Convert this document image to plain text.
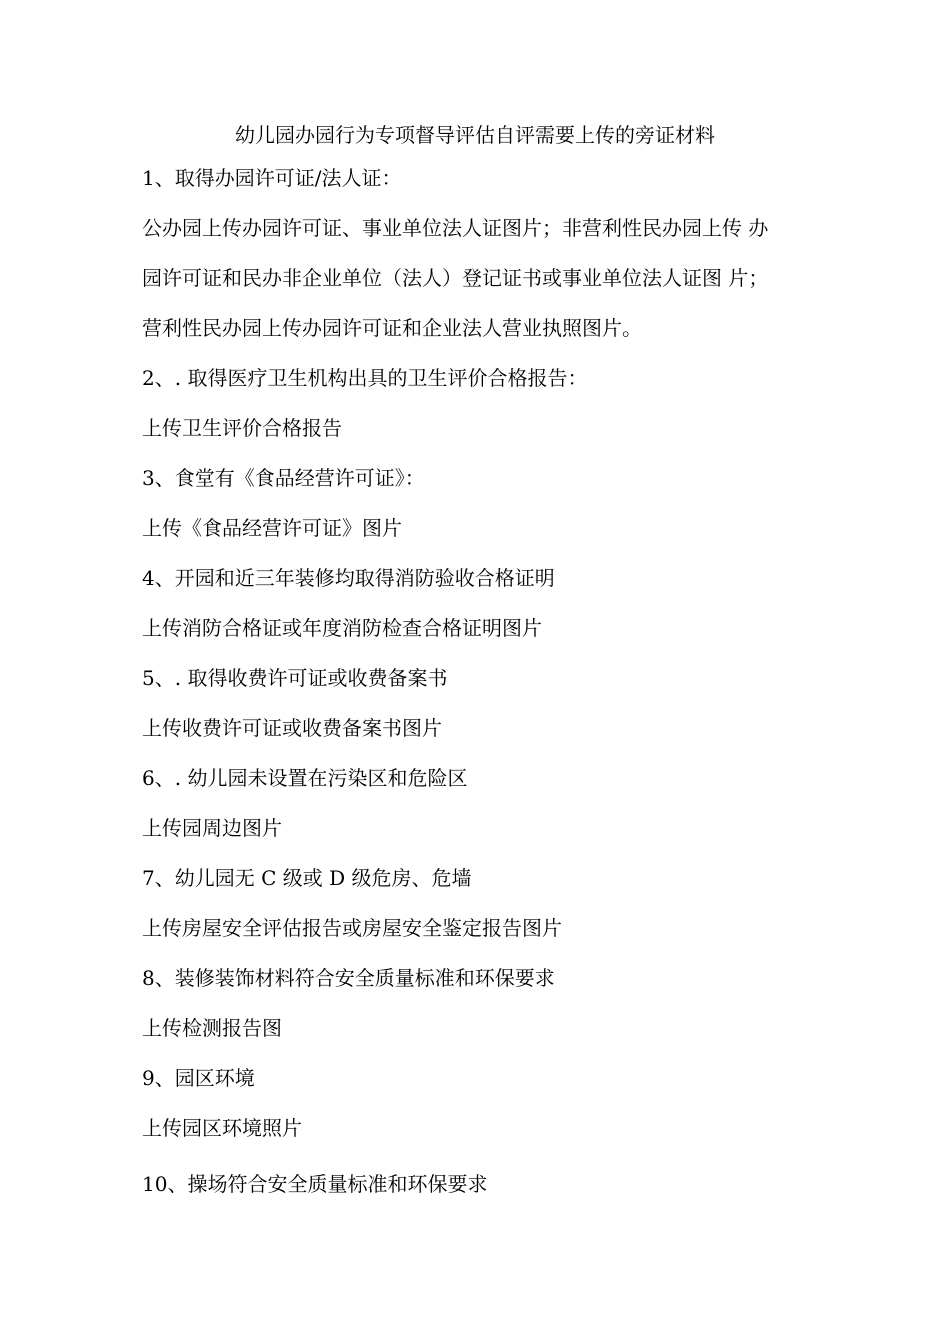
幼儿园办园行为专项督导评估自评需要上传的旁证材料
1、取得办园许可证/法人证：
公办园上传办园许可证、事业单位法人证图片；非营利性民办园上传 办
园许可证和民办非企业单位（法人）登记证书或事业单位法人证图 片；
营利性民办园上传办园许可证和企业法人营业执照图片。
2、. 取得医疗卫生机构出具的卫生评价合格报告：
上传卫生评价合格报告
3、食堂有《食品经营许可证》：
上传《食品经营许可证》图片
4、开园和近三年装修均取得消防验收合格证明
上传消防合格证或年度消防检查合格证明图片
5、. 取得收费许可证或收费备案书
上传收费许可证或收费备案书图片
6、. 幼儿园未设置在污染区和危险区
上传园周边图片
7、幼儿园无 C 级或 D 级危房、危墙
上传房屋安全评估报告或房屋安全鉴定报告图片
8、装修装饰材料符合安全质量标准和环保要求
上传检测报告图
9、园区环境
上传园区环境照片
10、操场符合安全质量标准和环保要求
